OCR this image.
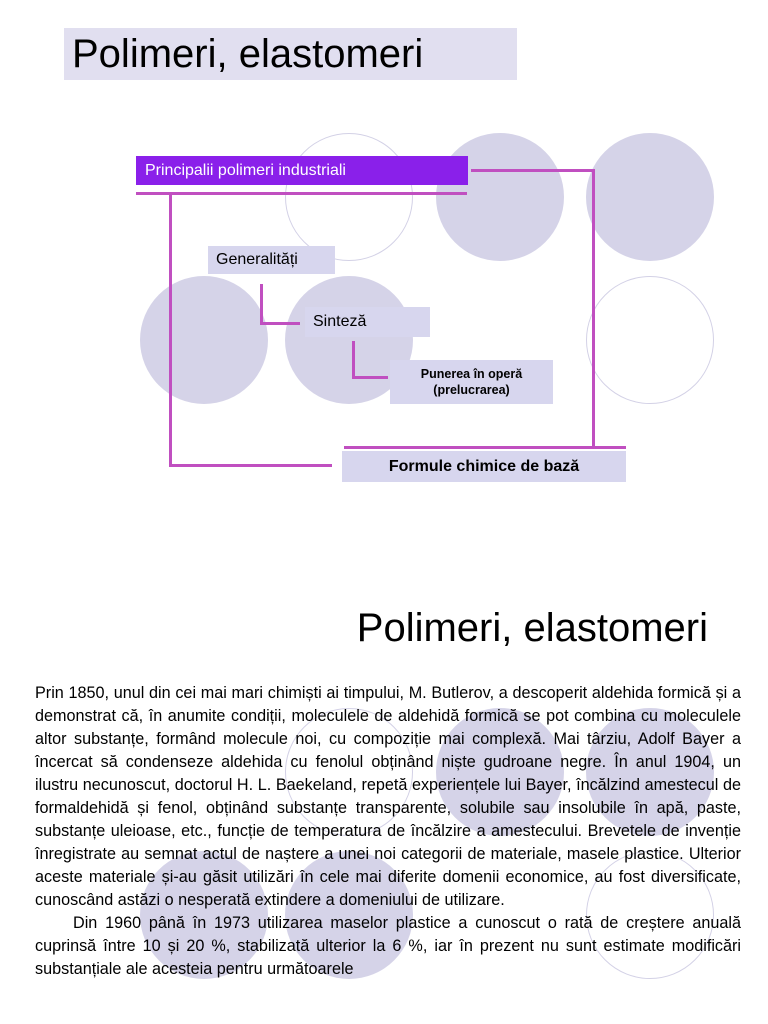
Polimeri, elastomeri
Principalii polimeri industriali
Generalități
Sinteză
Punerea în operă (prelucrarea)
Formule chimice de bază
Polimeri, elastomeri

Prin 1850, unul din cei mai mari chimiști ai timpului, M. Butlerov, a descoperit aldehida formică și a demonstrat că, în anumite condiții, moleculele de aldehidă formică se pot combina cu moleculele altor substanțe, formând molecule noi, cu compoziție mai complexă. Mai târziu, Adolf Bayer a încercat să condenseze aldehida cu fenolul obținând niște gudroane negre. În anul 1904, un ilustru necunoscut, doctorul H. L. Baekeland, repetă experiențele lui Bayer, încălzind amestecul de formaldehidă și fenol, obținând substanțe transparente, solubile sau insolubile în apă, paste, substanțe uleioase, etc., funcție de temperatura de încălzire a amestecului. Brevetele de invenție înregistrate au semnat actul de naștere a unei noi categorii de materiale, masele plastice. Ulterior aceste materiale și-au găsit utilizări în cele mai diferite domenii economice, au fost diversificate, cunoscând astăzi o nesperată extindere a domeniului de utilizare.

Din 1960 până în 1973 utilizarea maselor plastice a cunoscut o rată de creștere anuală cuprinsă între 10 și 20 %, stabilizată ulterior la 6 %, iar în prezent nu sunt estimate modificări substanțiale ale acesteia pentru următoarele
